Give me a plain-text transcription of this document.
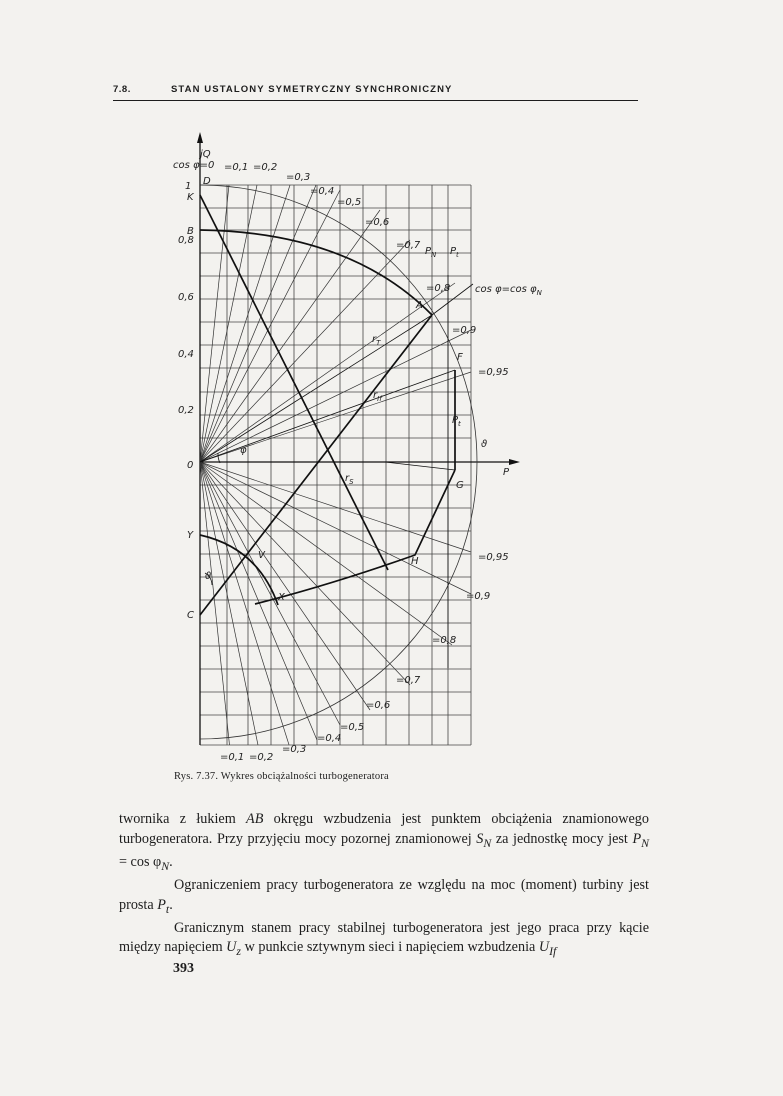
7.8.	STAN USTALONY SYMETRYCZNY SYNCHRONICZNY
jQ
P
cos φ=0
1
0,8
0,6
0,4
0,2
0
K
B
D
Y
C
A
F
G
H
V
X
$r_T$
$r_{If}$
$r_S$
$P_N$ $P_t$
$P_t$
φ
ϑ
ϑ
cos φ=cos $\varphi_N$
=0,1 =0,2
=0,3
=0,4
=0,5
=0,6
=0,7
=0,8
=0,9
=0,95
=0,95
=0,9
=0,8
=0,7
=0,6
=0,5
=0,4
=0,3
=0,2
=0,1
Rys. 7.37. Wykres obciążalności turbogeneratora

twornika z łukiem AB okręgu wzbudzenia jest punktem obciążenia znamionowego turbogeneratora. Przy przyjęciu mocy pozornej znamionowej $S_N$ za jednostkę mocy jest $P_N = \cos \varphi_N$.

Ograniczeniem pracy turbogeneratora ze względu na moc (moment) turbiny jest prosta $P_t$.

Granicznym stanem pracy stabilnej turbogeneratora jest jego praca przy kącie między napięciem $U_z$ w punkcie sztywnym sieci i napięciem wzbudzenia $U_{If}$

393
